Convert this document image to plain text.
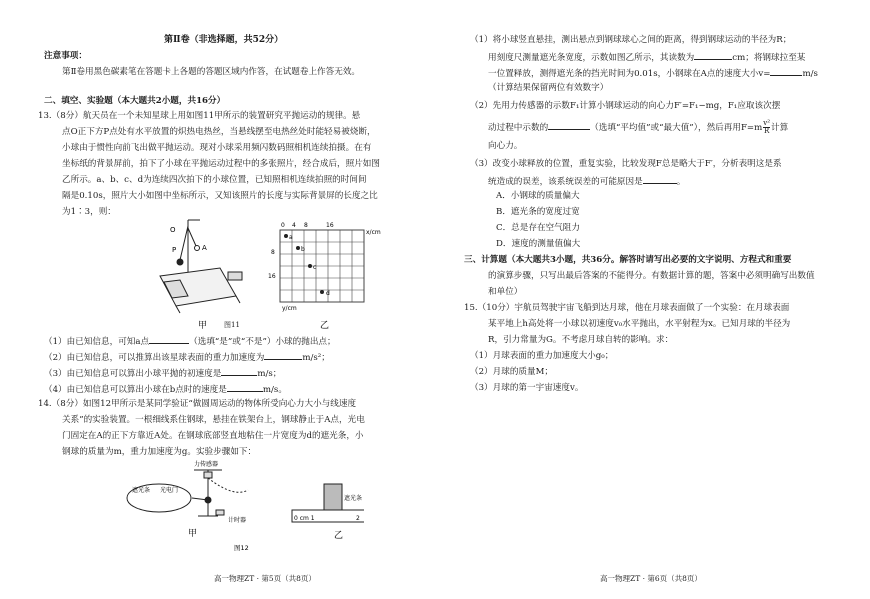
第Ⅱ卷（非选择题，共52分）
注意事项：
第Ⅱ卷用黑色碳素笔在答题卡上各题的答题区域内作答，在试题卷上作答无效。
二、填空、实验题（本大题共2小题，共16分）
13.（8分）航天员在一个未知星球上用如图11甲所示的装置研究平抛运动的规律。悬
点O正下方P点处有水平放置的炽热电热丝，当悬线摆至电热丝处时能轻易被烧断，
小球由于惯性向前飞出做平抛运动。现对小球采用频闪数码照相机连续拍摄。在有
坐标纸的背景屏前，拍下了小球在平抛运动过程中的多张照片，经合成后，照片如图
乙所示。a、b、c、d为连续四次拍下的小球位置，已知照相机连续拍照的时间间
隔是0.10s，照片大小如图中坐标所示，又知该照片的长度与实际背景屏的长度之比
为1∶3，则：
O
P	A
甲
0 4 8	16
x/cm
8
16
y/cm
a
b
c
d
乙
图11
（1）由已知信息，可知a点	（选填“是”或“不是”）小球的抛出点；
（2）由已知信息，可以推算出该星球表面的重力加速度为	m/s²；
（3）由已知信息可以算出小球平抛的初速度是	m/s；
（4）由已知信息可以算出小球在b点时的速度是	m/s。
14.（8分）如图12甲所示是某同学验证“做圆周运动的物体所受向心力大小与线速度
关系”的实验装置。一根细线系住钢球，悬挂在铁架台上，钢球静止于A点，光电
门固定在A的正下方靠近A处。在钢球底部竖直地粘住一片宽度为d的遮光条，小
钢球的质量为m，重力加速度为g。实验步骤如下：
力传感器
遮光条 光电门
计时器
遮光条
0 cm 1	2
甲	乙
图12
高一物理ZT · 第5页（共8页）
（1）将小球竖直悬挂，测出悬点到钢球球心之间的距离，得到钢球运动的半径为R；
用刻度尺测量遮光条宽度，示数如图乙所示，其读数为	cm；将钢球拉至某
一位置释放，测得遮光条的挡光时间为0.01s，小钢球在A点的速度大小v=	m/s
（计算结果保留两位有效数字）
（2）先用力传感器的示数F₁计算小钢球运动的向心力F′=F₁−mg，F₁应取该次摆
动过程中示数的	（选填“平均值”或“最大值”），然后再用$F=m \frac{\text{v²}}{R}$ 计算
向心力。
（3）改变小球释放的位置，重复实验，比较发现F总是略大于F′，分析表明这是系
统造成的误差，该系统误差的可能原因是	。
A．小钢球的质量偏大
B．遮光条的宽度过宽
C．总是存在空气阻力
D．速度的测量值偏大
三、计算题（本大题共3小题，共36分。解答时请写出必要的文字说明、方程式和重要
的演算步骤，只写出最后答案的不能得分。有数据计算的题，答案中必须明确写出数值
和单位）
15.（10分）宇航员驾驶宇宙飞船到达月球，他在月球表面做了一个实验：在月球表面
某平地上h高处将一小球以初速度v₀水平抛出，水平射程为x。已知月球的半径为
R，引力常量为G。不考虑月球自转的影响。求：
（1）月球表面的重力加速度大小g₀；
（2）月球的质量M；
（3）月球的第一宇宙速度v。
高一物理ZT · 第6页（共8页）
